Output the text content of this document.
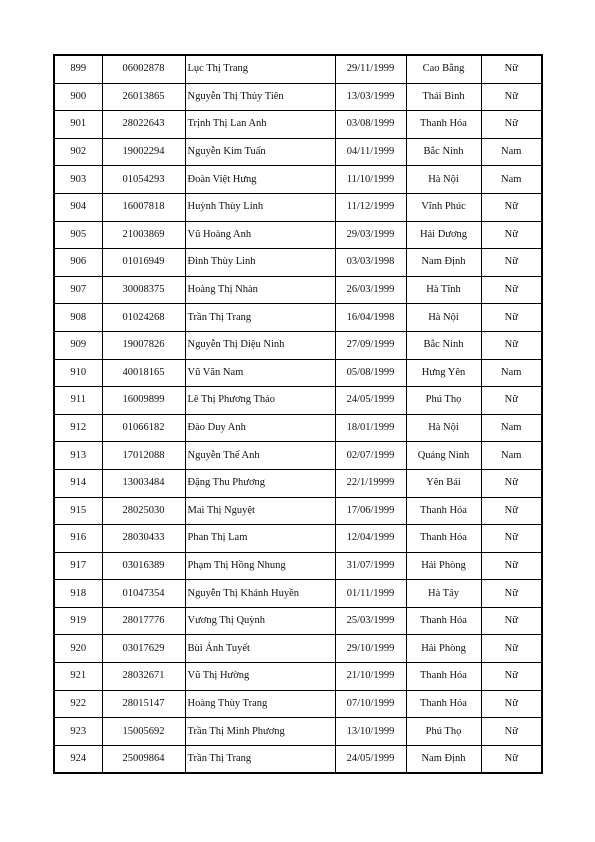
899	06002878	Lục Thị Trang	29/11/1999	Cao Bằng	Nữ
900	26013865	Nguyễn Thị Thủy Tiên	13/03/1999	Thái Bình	Nữ
901	28022643	Trịnh Thị Lan Anh	03/08/1999	Thanh Hóa	Nữ
902	19002294	Nguyễn Kim Tuấn	04/11/1999	Bắc Ninh	Nam
903	01054293	Đoàn Việt Hưng	11/10/1999	Hà Nội	Nam
904	16007818	Huỳnh Thùy Linh	11/12/1999	Vĩnh Phúc	Nữ
905	21003869	Vũ Hoàng Anh	29/03/1999	Hải Dương	Nữ
906	01016949	Đinh Thùy Linh	03/03/1998	Nam Định	Nữ
907	30008375	Hoàng Thị Nhàn	26/03/1999	Hà Tĩnh	Nữ
908	01024268	Trần Thị Trang	16/04/1998	Hà Nội	Nữ
909	19007826	Nguyễn Thị Diệu Ninh	27/09/1999	Bắc Ninh	Nữ
910	40018165	Vũ Văn Nam	05/08/1999	Hưng Yên	Nam
911	16009899	Lê Thị Phương Thảo	24/05/1999	Phú Thọ	Nữ
912	01066182	Đào Duy Anh	18/01/1999	Hà Nội	Nam
913	17012088	Nguyễn Thế Anh	02/07/1999	Quảng Ninh	Nam
914	13003484	Đặng Thu Phương	22/1/19999	Yên Bái	Nữ
915	28025030	Mai Thị Nguyệt	17/06/1999	Thanh Hóa	Nữ
916	28030433	Phan Thị Lam	12/04/1999	Thanh Hóa	Nữ
917	03016389	Phạm Thị Hồng Nhung	31/07/1999	Hải Phòng	Nữ
918	01047354	Nguyễn Thị Khánh Huyền	01/11/1999	Hà Tây	Nữ
919	28017776	Vương Thị Quỳnh	25/03/1999	Thanh Hóa	Nữ
920	03017629	Bùi Ánh Tuyết	29/10/1999	Hải Phòng	Nữ
921	28032671	Vũ Thị Hường	21/10/1999	Thanh Hóa	Nữ
922	28015147	Hoàng Thùy Trang	07/10/1999	Thanh Hóa	Nữ
923	15005692	Trần Thị Minh Phương	13/10/1999	Phú Thọ	Nữ
924	25009864	Trần Thị Trang	24/05/1999	Nam Định	Nữ
